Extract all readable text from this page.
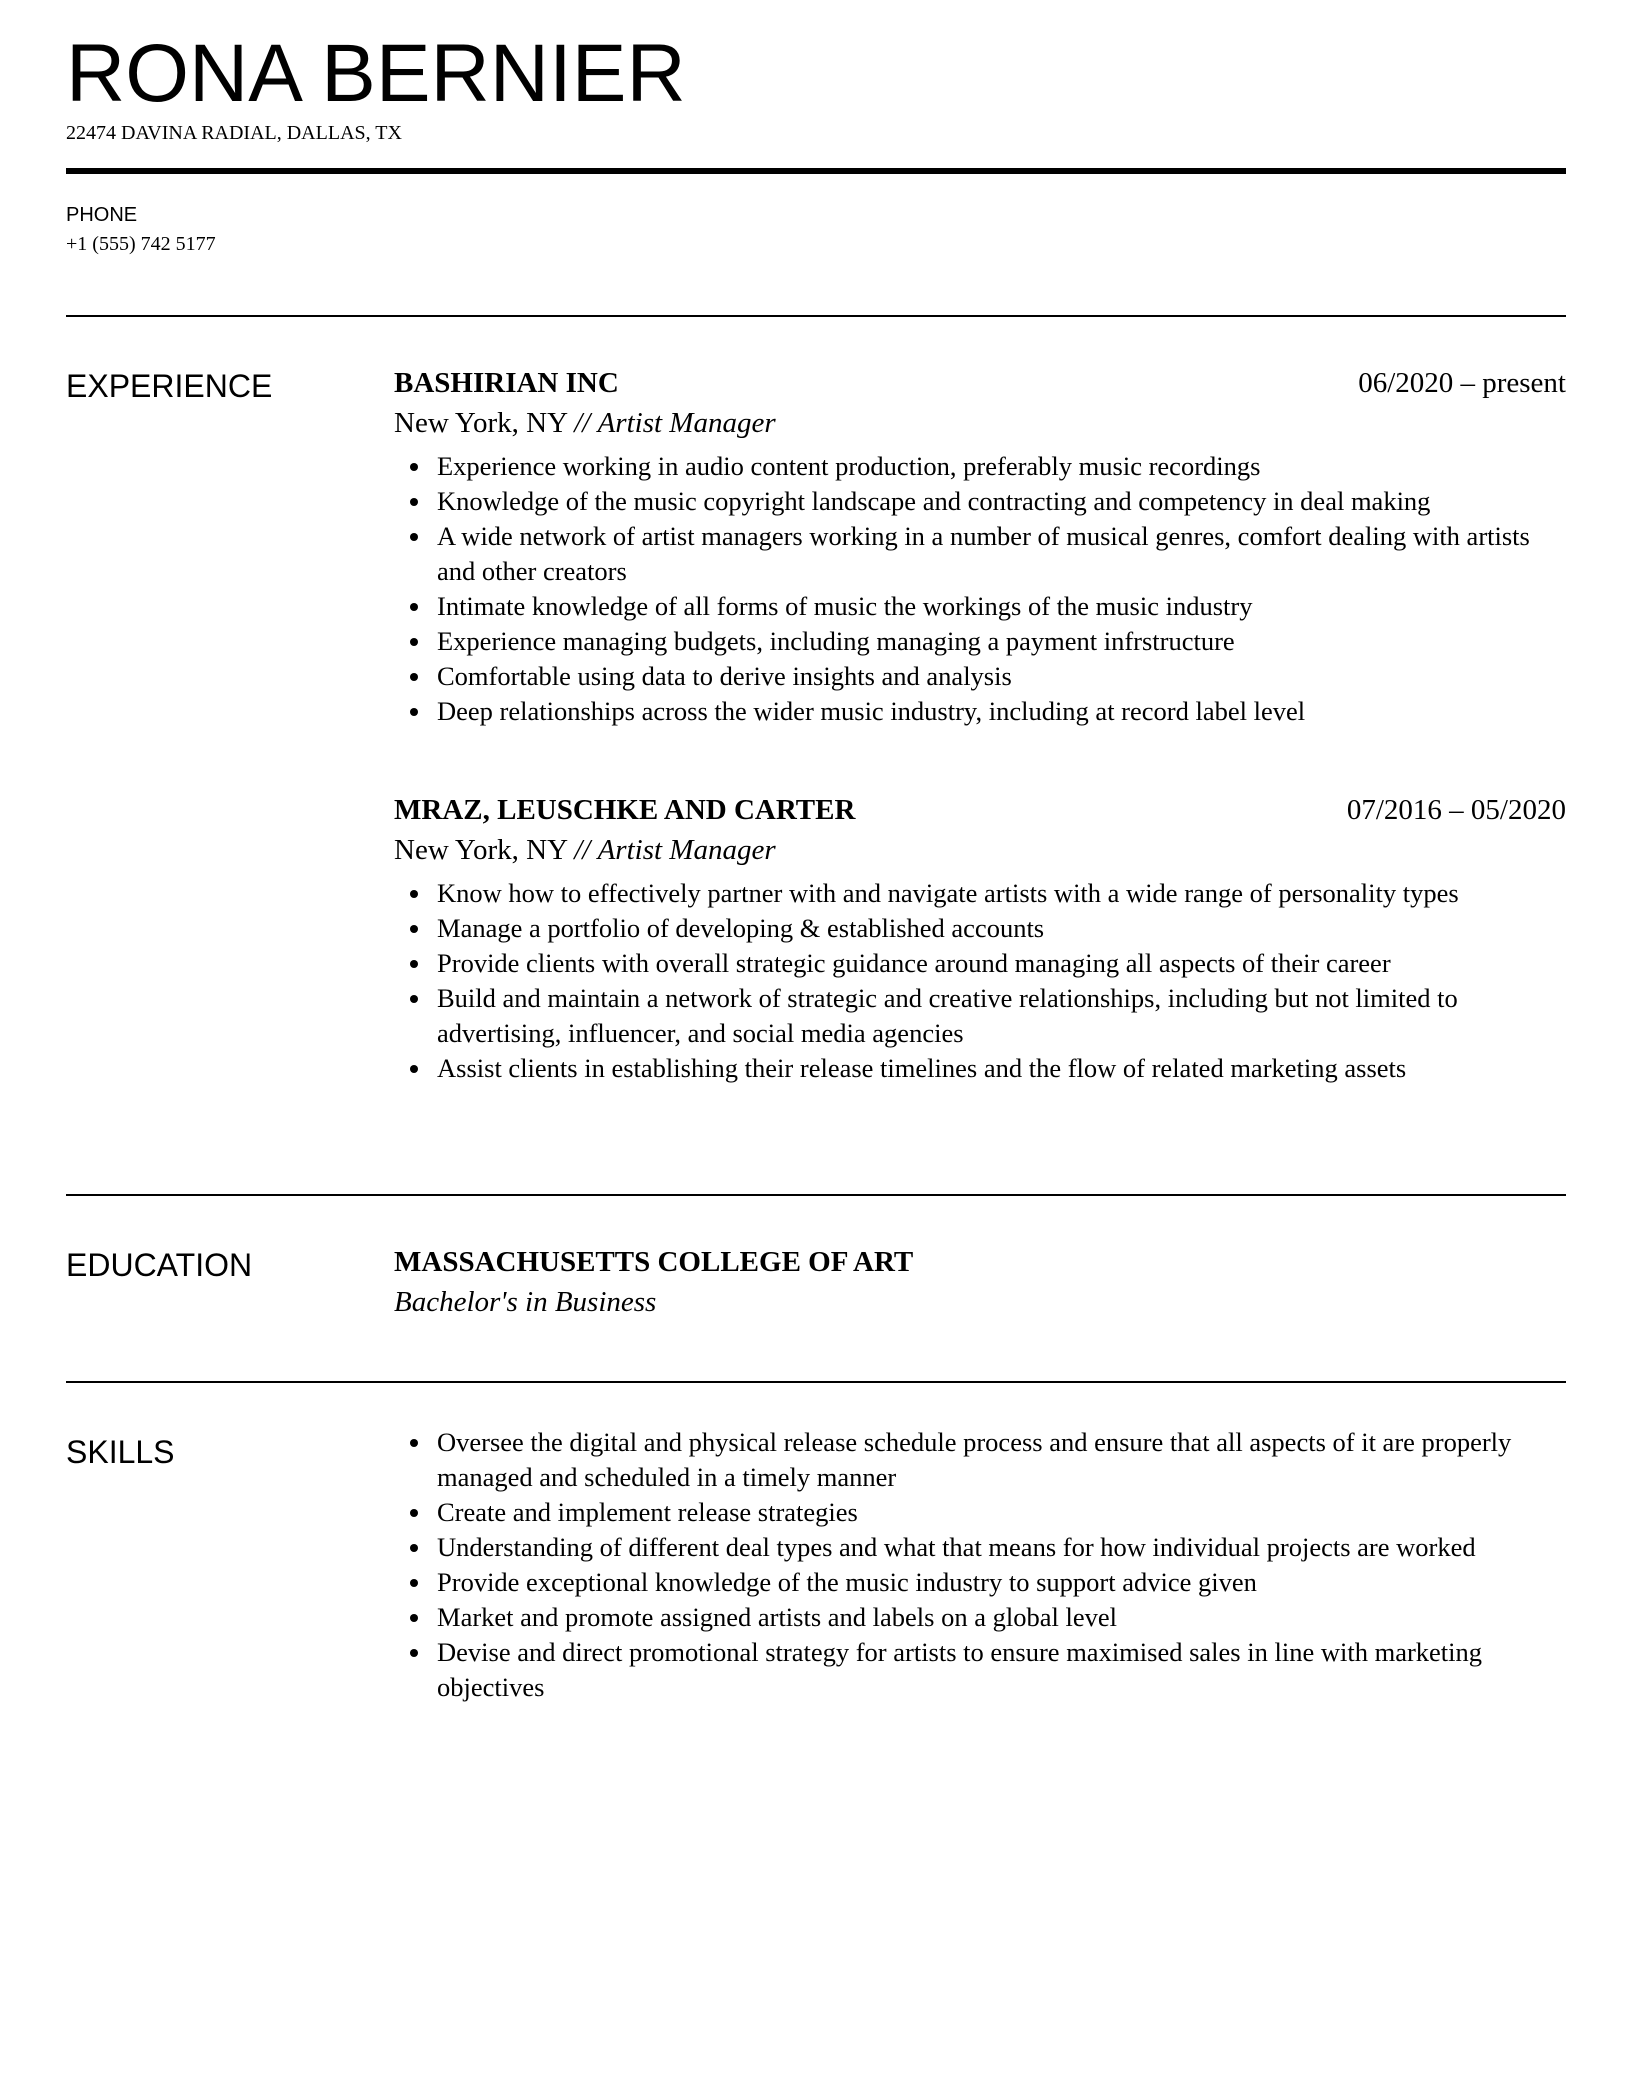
RONA BERNIER
22474 DAVINA RADIAL, DALLAS, TX
PHONE
+1 (555) 742 5177
EXPERIENCE	BASHIRIAN INC	06/2020 – present
New York, NY // Artist Manager
Experience working in audio content production, preferably music recordings
Knowledge of the music copyright landscape and contracting and competency in deal making
A wide network of artist managers working in a number of musical genres, comfort dealing with artists and other creators
Intimate knowledge of all forms of music the workings of the music industry
Experience managing budgets, including managing a payment infrstructure
Comfortable using data to derive insights and analysis
Deep relationships across the wider music industry, including at record label level
MRAZ, LEUSCHKE AND CARTER	07/2016 – 05/2020
New York, NY // Artist Manager
Know how to effectively partner with and navigate artists with a wide range of personality types
Manage a portfolio of developing & established accounts
Provide clients with overall strategic guidance around managing all aspects of their career
Build and maintain a network of strategic and creative relationships, including but not limited to advertising, influencer, and social media agencies
Assist clients in establishing their release timelines and the flow of related marketing assets
EDUCATION	MASSACHUSETTS COLLEGE OF ART
Bachelor's in Business
SKILLS	Oversee the digital and physical release schedule process and ensure that all aspects of it are properly managed and scheduled in a timely manner
Create and implement release strategies
Understanding of different deal types and what that means for how individual projects are worked
Provide exceptional knowledge of the music industry to support advice given
Market and promote assigned artists and labels on a global level
Devise and direct promotional strategy for artists to ensure maximised sales in line with marketing objectives
